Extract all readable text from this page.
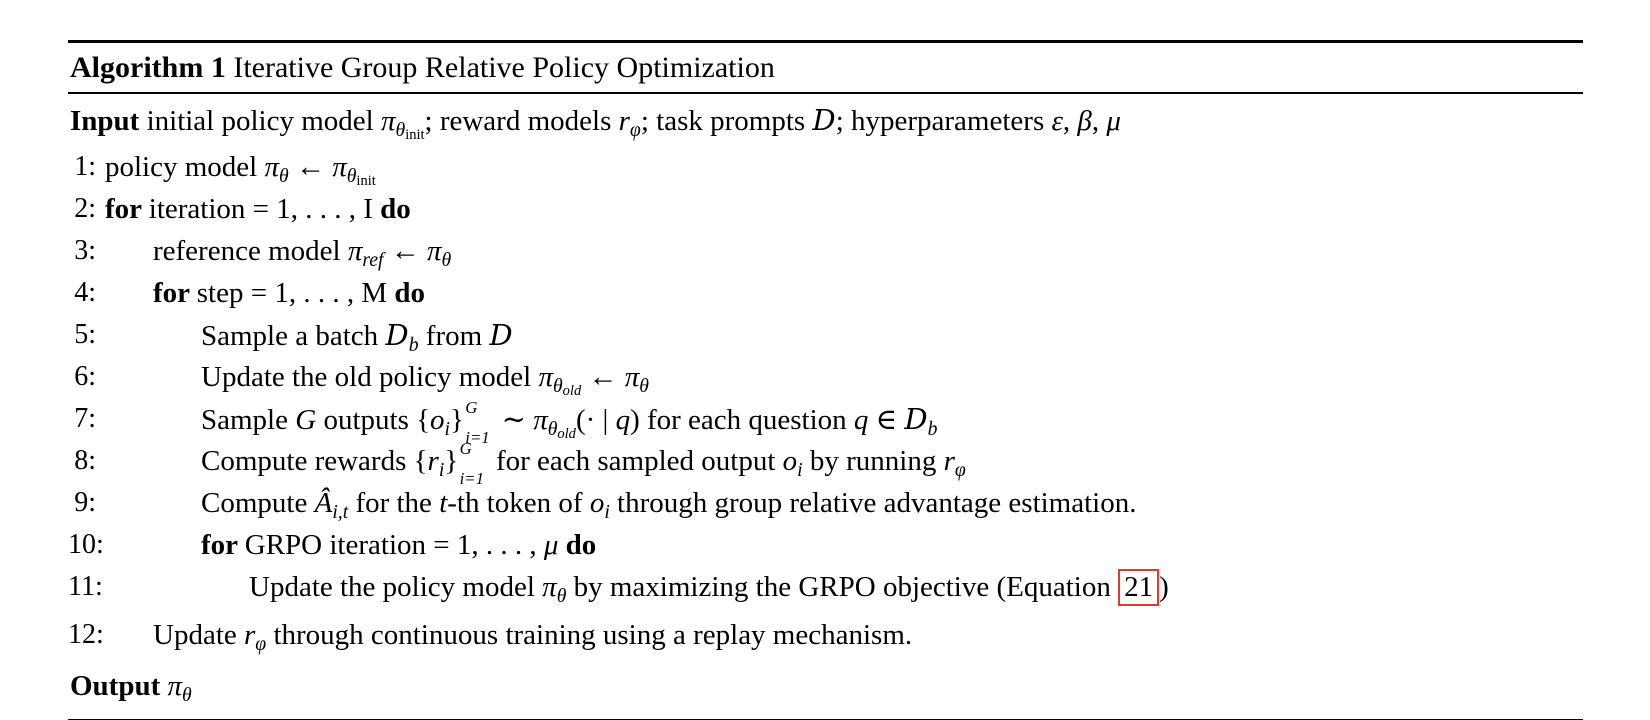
Algorithm 1 Iterative Group Relative Policy Optimization
Input initial policy model $\pi_{\theta init}$; reward models $r_\varphi$; task prompts D; hyperparameters ε, β, μ
1: policy model $\pi_\theta$ ← $\pi_{\theta init}$
2: for iteration = 1, . . . , I do
3:	reference model $\pi_{ref}$ ← $\pi_\theta$
4:	for step = 1, . . . , M do
5:	Sample a batch $D_b$ from D
6:	Update the old policy model $\pi_{\theta old}$ ← $\pi_\theta$
7:	Sample G outputs $\{o_i\}$ G
i=1
∼ $\pi_{\theta old}(\cdot$ | q) for each question q ∈ $D_b$
8:	Compute rewards $\{r_i\}$ G
i=1
for each sampled output $o_i$ by running $r_\varphi$
9:	Compute $Â_{i,t}$ for the t-th token of $o_i$ through group relative advantage estimation.
10:	for GRPO iteration = 1, . . . , μ do
11:	Update the policy model $\pi_\theta$ by maximizing the GRPO objective (Equation 21 )
12:	Update $r_\varphi$ through continuous training using a replay mechanism.
Output $\pi_\theta$
